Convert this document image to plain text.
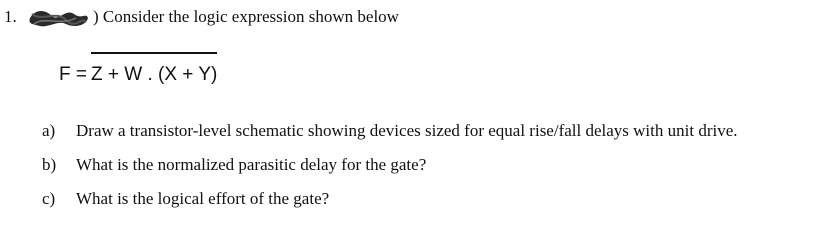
1.	) Consider the logic expression shown below
F = Z + W . (X + Y)
a)	Draw a transistor-level schematic showing devices sized for equal rise/fall delays with unit drive.
b)	What is the normalized parasitic delay for the gate?
c)	What is the logical effort of the gate?
